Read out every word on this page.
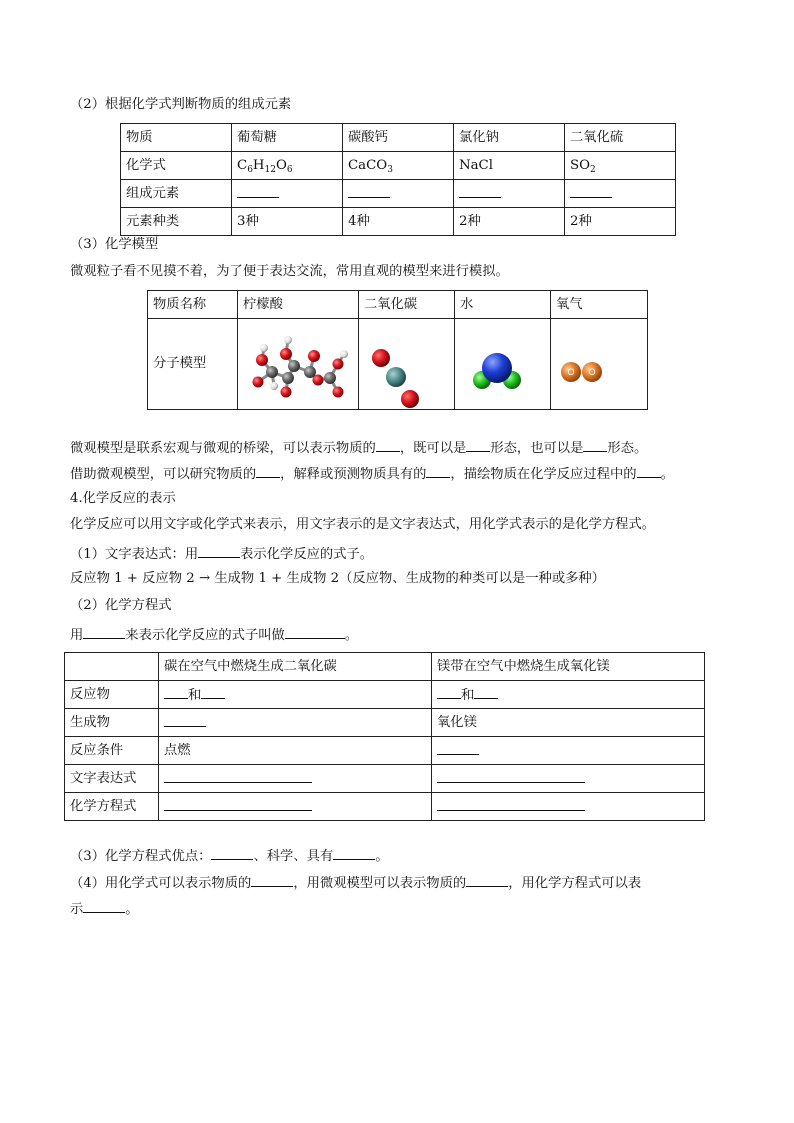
（2）根据化学式判断物质的组成元素
物质	葡萄糖	碳酸钙	氯化钠	二氧化硫
化学式	$C_6H_{12}O_6$	CaCO$_3$	NaCl	$SO_2$
组成元素				
元素种类	3种	4种	2种	2种
（3）化学模型
微观粒子看不见摸不着，为了便于表达交流，常用直观的模型来进行模拟。
物质名称	柠檬酸	二氧化碳	水	氧气
分子模型				O O
微观模型是联系宏观与微观的桥梁，可以表示物质的 ，既可以是 形态，也可以是 形态。
借助微观模型，可以研究物质的 ，解释或预测物质具有的 ，描绘物质在化学反应过程中的 。
4.化学反应的表示
化学反应可以用文字或化学式来表示，用文字表示的是文字表达式，用化学式表示的是化学方程式。
（1）文字表达式：用	表示化学反应的式子。
反应物 1 + 反应物 2 → 生成物 1 + 生成物 2（反应物、生成物的种类可以是一种或多种）
（2）化学方程式
用	来表示化学反应的式子叫做	。
	碳在空气中燃烧生成二氧化碳	镁带在空气中燃烧生成氧化镁
反应物	和	和
生成物		氧化镁
反应条件	点燃	
文字表达式		
化学方程式		
（3）化学方程式优点：	、科学、具有	。
（4）用化学式可以表示物质的	，用微观模型可以表示物质的	，用化学方程式可以表
示	。
